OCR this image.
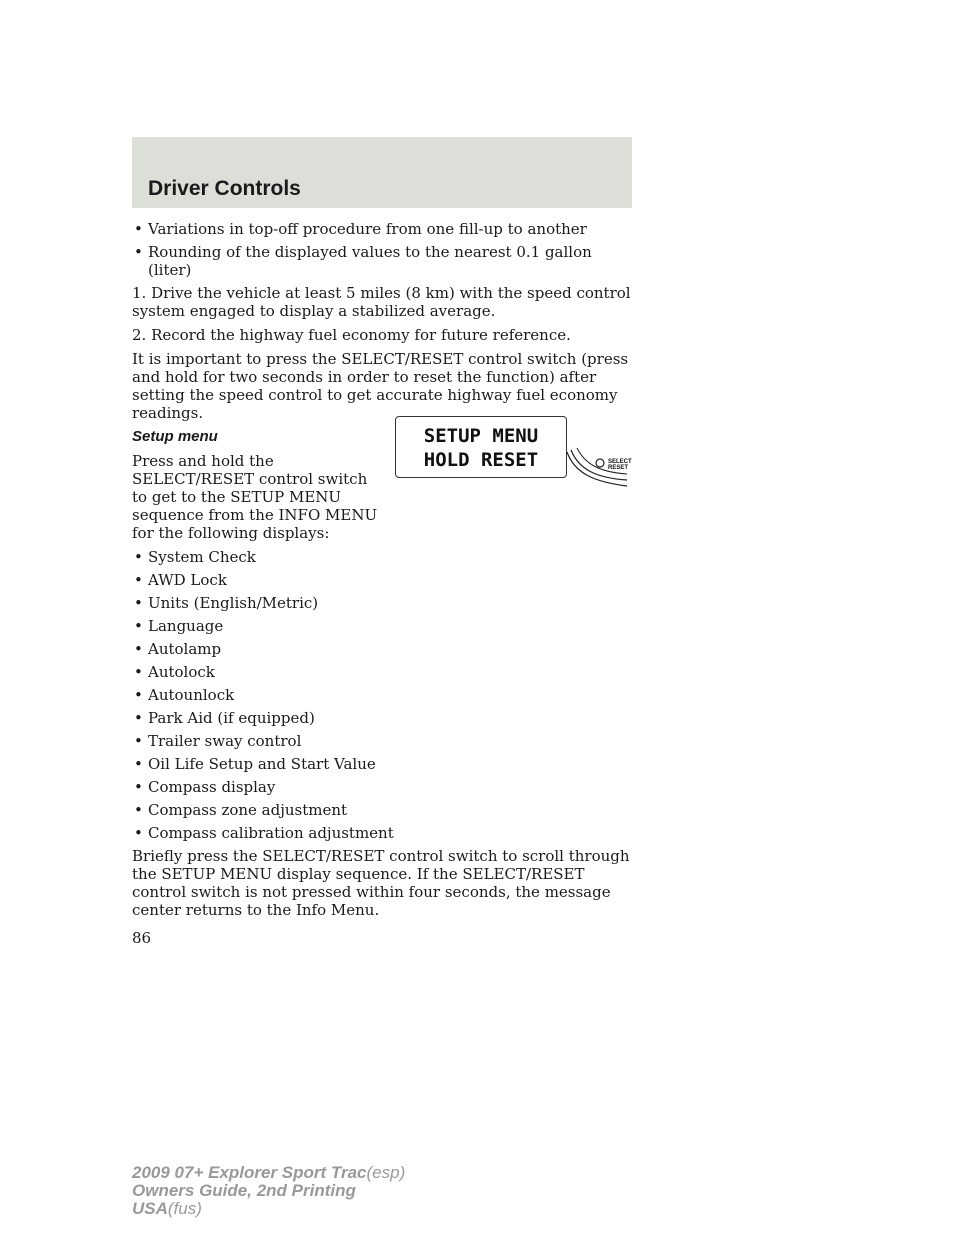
Driver Controls
• Variations in top-off procedure from one fill-up to another
• Rounding of the displayed values to the nearest 0.1 gallon (liter)

1. Drive the vehicle at least 5 miles (8 km) with the speed control system engaged to display a stabilized average.

2. Record the highway fuel economy for future reference.

It is important to press the SELECT/RESET control switch (press and hold for two seconds in order to reset the function) after setting the speed control to get accurate highway fuel economy readings.

Setup menu

Press and hold the SELECT/RESET control switch to get to the SETUP MENU sequence from the INFO MENU for the following displays:

• System Check
• AWD Lock
• Units (English/Metric)
• Language
• Autolamp
• Autolock
• Autounlock
• Park Aid (if equipped)
• Trailer sway control
• Oil Life Setup and Start Value
• Compass display
• Compass zone adjustment
• Compass calibration adjustment

Briefly press the SELECT/RESET control switch to scroll through the SETUP MENU display sequence. If the SELECT/RESET control switch is not pressed within four seconds, the message center returns to the Info Menu.

SETUP MENU
HOLD RESET	SELECT
RESET
86
2009 07+ Explorer Sport Trac(esp)
Owners Guide, 2nd Printing
USA(fus)
